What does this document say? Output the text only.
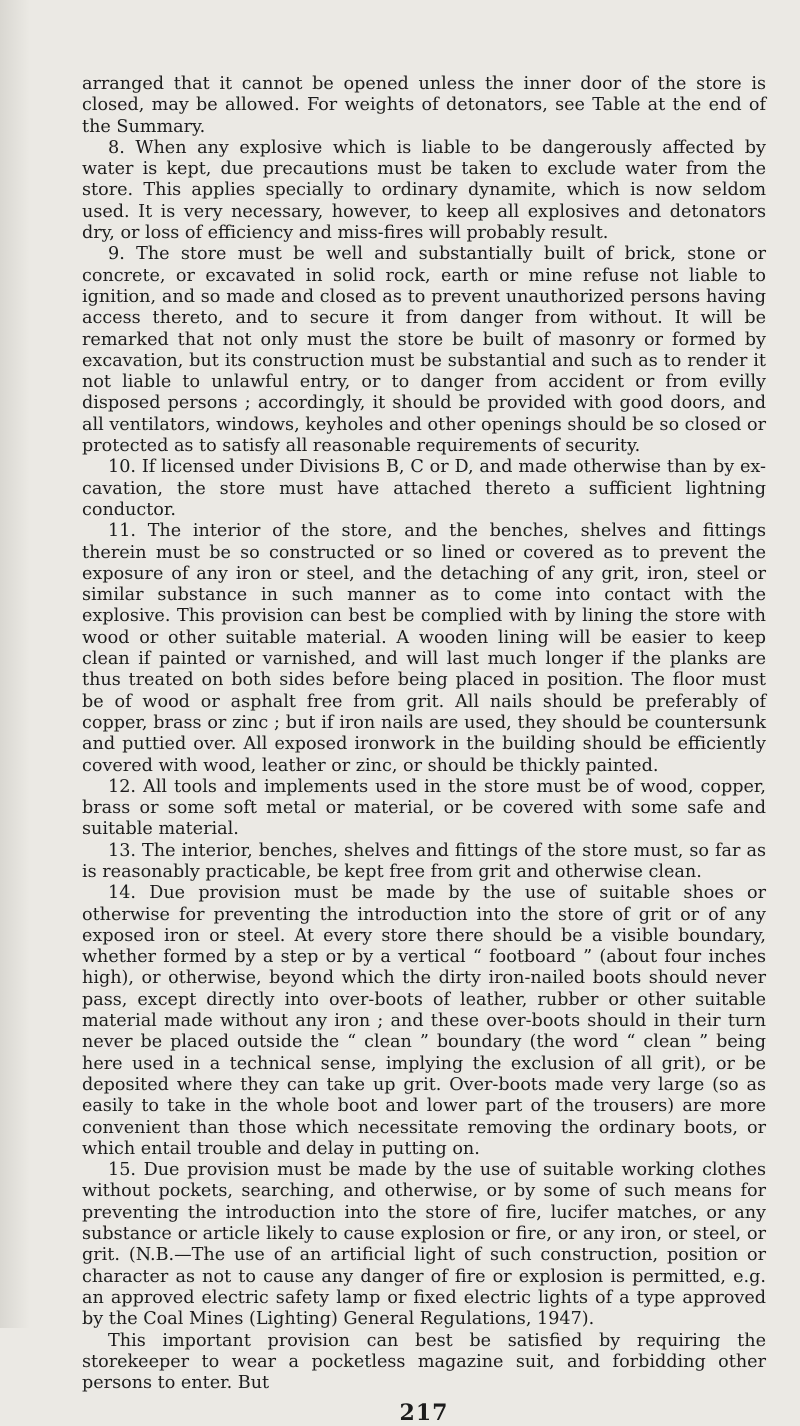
arranged that it cannot be opened unless the inner door of the store is closed, may be allowed. For weights of detonators, see Table at the end of the Summary.

8. When any explosive which is liable to be dangerously affected by water is kept, due precautions must be taken to exclude water from the store. This applies specially to ordinary dynamite, which is now seldom used. It is very necessary, however, to keep all explosives and detonators dry, or loss of efficiency and miss-fires will probably result.

9. The store must be well and substantially built of brick, stone or concrete, or excavated in solid rock, earth or mine refuse not liable to ignition, and so made and closed as to prevent unauthorized persons having access thereto, and to secure it from danger from without. It will be remarked that not only must the store be built of masonry or formed by excavation, but its construction must be substantial and such as to render it not liable to unlawful entry, or to danger from accident or from evilly disposed persons ; accordingly, it should be provided with good doors, and all ventilators, windows, keyholes and other openings should be so closed or protected as to satisfy all reasonable requirements of security.

10. If licensed under Divisions B, C or D, and made otherwise than by ex- cavation, the store must have attached thereto a sufficient lightning conductor.

11. The interior of the store, and the benches, shelves and fittings therein must be so constructed or so lined or covered as to prevent the exposure of any iron or steel, and the detaching of any grit, iron, steel or similar substance in such manner as to come into contact with the explosive. This provision can best be complied with by lining the store with wood or other suitable material. A wooden lining will be easier to keep clean if painted or varnished, and will last much longer if the planks are thus treated on both sides before being placed in position. The floor must be of wood or asphalt free from grit. All nails should be preferably of copper, brass or zinc ; but if iron nails are used, they should be countersunk and puttied over. All exposed ironwork in the building should be efficiently covered with wood, leather or zinc, or should be thickly painted.

12. All tools and implements used in the store must be of wood, copper, brass or some soft metal or material, or be covered with some safe and suitable material.

13. The interior, benches, shelves and fittings of the store must, so far as is reasonably practicable, be kept free from grit and otherwise clean.

14. Due provision must be made by the use of suitable shoes or otherwise for preventing the introduction into the store of grit or of any exposed iron or steel. At every store there should be a visible boundary, whether formed by a step or by a vertical “ footboard ” (about four inches high), or otherwise, beyond which the dirty iron-nailed boots should never pass, except directly into over-boots of leather, rubber or other suitable material made without any iron ; and these over-boots should in their turn never be placed outside the “ clean ” boundary (the word “ clean ” being here used in a technical sense, implying the exclusion of all grit), or be deposited where they can take up grit. Over-boots made very large (so as easily to take in the whole boot and lower part of the trousers) are more convenient than those which necessitate removing the ordinary boots, or which entail trouble and delay in putting on.

15. Due provision must be made by the use of suitable working clothes without pockets, searching, and otherwise, or by some of such means for preventing the introduction into the store of fire, lucifer matches, or any substance or article likely to cause explosion or fire, or any iron, or steel, or grit. (N.B.—The use of an artificial light of such construction, position or character as not to cause any danger of fire or explosion is permitted, e.g. an approved electric safety lamp or fixed electric lights of a type approved by the Coal Mines (Lighting) General Regulations, 1947).

This important provision can best be satisfied by requiring the storekeeper to wear a pocketless magazine suit, and forbidding other persons to enter. But

217
